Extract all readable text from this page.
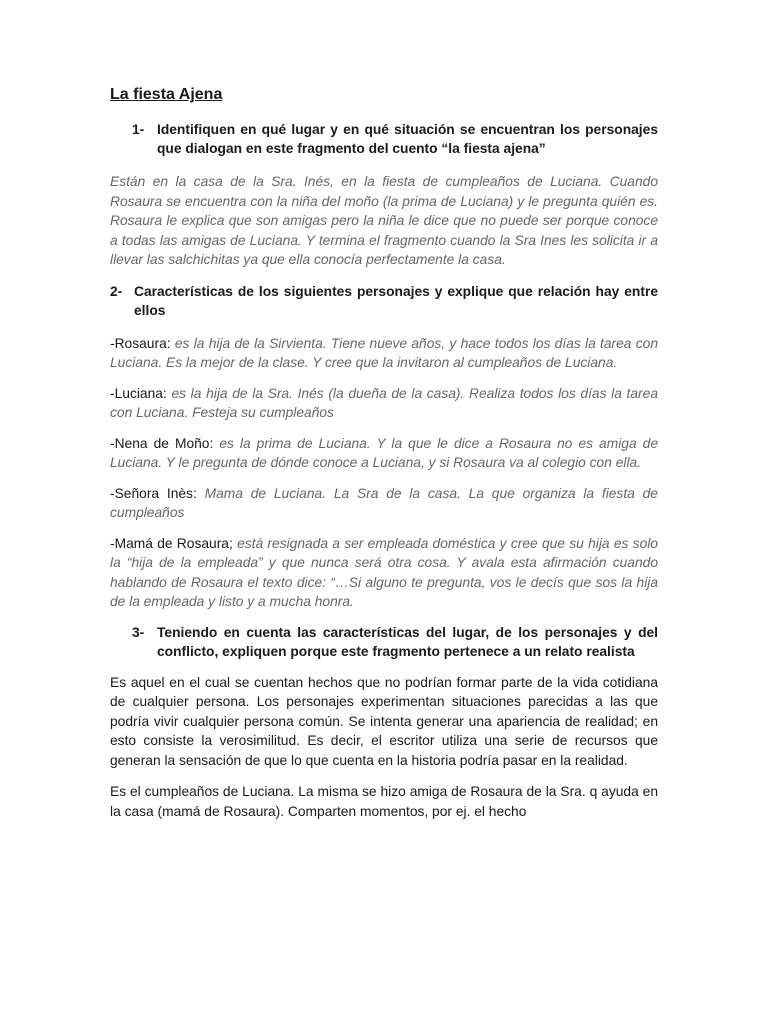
La fiesta Ajena
1- Identifiquen en qué lugar y en qué situación se encuentran los personajes que dialogan en este fragmento del cuento “la fiesta ajena”

Están en la casa de la Sra. Inés, en la fiesta de cumpleaños de Luciana. Cuando Rosaura se encuentra con la niña del moño (la prima de Luciana) y le pregunta quién es. Rosaura le explica que son amigas pero la niña le dice que no puede ser porque conoce a todas las amigas de Luciana. Y termina el fragmento cuando la Sra Ines les solicita ir a llevar las salchichitas ya que ella conocía perfectamente la casa.

2- Características de los siguientes personajes y explique que relación hay entre ellos

-Rosaura: es la hija de la Sirvienta. Tiene nueve años, y hace todos los días la tarea con Luciana. Es la mejor de la clase. Y cree que la invitaron al cumpleaños de Luciana.

-Luciana: es la hija de la Sra. Inés (la dueña de la casa). Realiza todos los días la tarea con Luciana. Festeja su cumpleaños

-Nena de Moño: es la prima de Luciana. Y la que le dice a Rosaura no es amiga de Luciana. Y le pregunta de dónde conoce a Luciana, y si Rosaura va al colegio con ella.

-Señora Inès: Mama de Luciana. La Sra de la casa. La que organiza la fiesta de cumpleaños

-Mamá de Rosaura; está resignada a ser empleada doméstica y cree que su hija es solo la “hija de la empleada” y que nunca será otra cosa. Y avala esta afirmación cuando hablando de Rosaura el texto dice: “…Si alguno te pregunta, vos le decís que sos la hija de la empleada y listo y a mucha honra.

3- Teniendo en cuenta las características del lugar, de los personajes y del conflicto, expliquen porque este fragmento pertenece a un relato realista

Es aquel en el cual se cuentan hechos que no podrían formar parte de la vida cotidiana de cualquier persona. Los personajes experimentan situaciones parecidas a las que podría vivir cualquier persona común. Se intenta generar una apariencia de realidad; en esto consiste la verosimilitud. Es decir, el escritor utiliza una serie de recursos que generan la sensación de que lo que cuenta en la historia podría pasar en la realidad.

Es el cumpleaños de Luciana. La misma se hizo amiga de Rosaura de la Sra. q ayuda en la casa (mamá de Rosaura). Comparten momentos, por ej. el hecho
